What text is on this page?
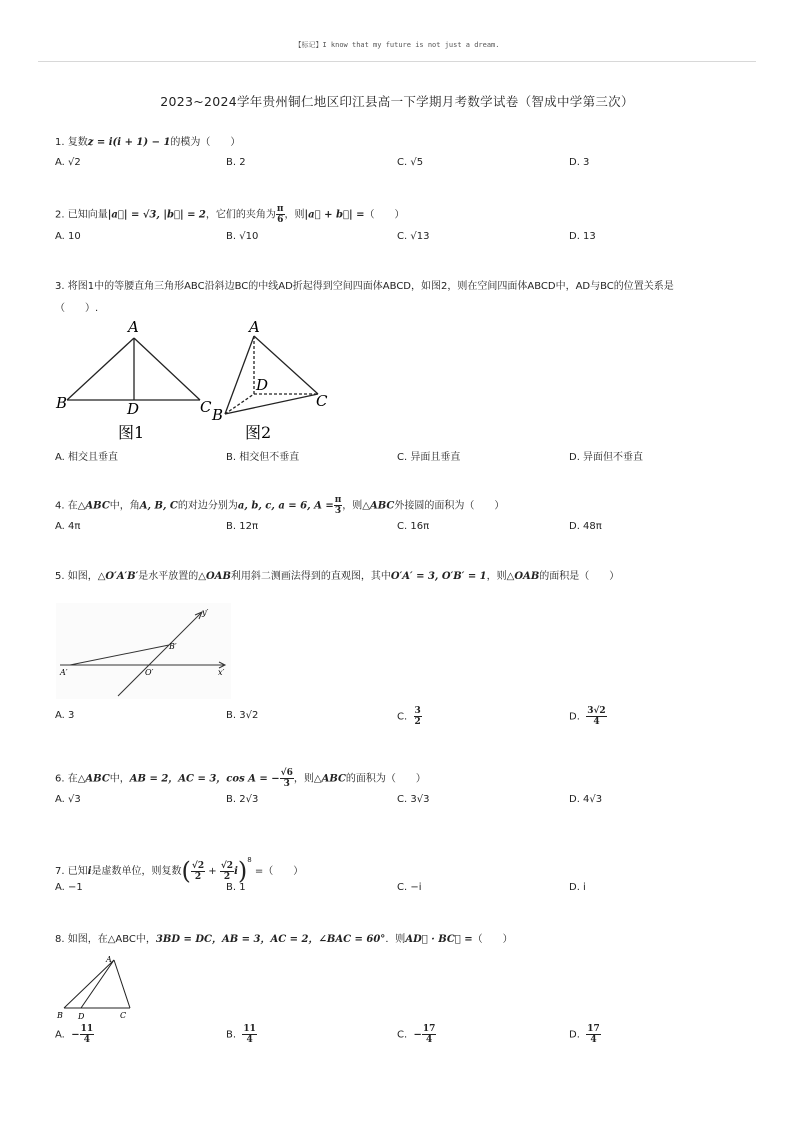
【标记】I know that my future is not just a dream.
2023~2024学年贵州铜仁地区印江县高一下学期月考数学试卷（智成中学第三次）
1. 复数z = i(i + 1) − 1的模为（　　）
A. √2	B. 2	C. √5	D. 3
2. 已知向量|a⃗| = √3, |b⃗| = 2，它们的夹角为 $\frac{\pi}{6}$ ，则|a⃗ + b⃗| =（　　）
A. 10	B. √10	C. √13	D. 13
3. 将图1中的等腰直角三角形ABC沿斜边BC的中线AD折起得到空间四面体ABCD，如图2，则在空间四面体ABCD中，AD与BC的位置关系是
（　　）.
A
B	C
D
图1
A
B
C
D
图2
A. 相交且垂直	B. 相交但不垂直	C. 异面且垂直	D. 异面但不垂直
4. 在△ABC中，角A, B, C的对边分别为a, b, c, a = 6, $A = \frac{\pi}{3}$ ，则△ABC外接圆的面积为（　　）
A. 4π	B. 12π	C. 16π	D. 48π
5. 如图，△O′A′B′是水平放置的△OAB利用斜二测画法得到的直观图，其中O′A′ = 3, O′B′ = 1，则△OAB的面积是（　　）
A′	O′
B′
x′
y′
A. 3	B. 3√2	C. $\frac{3}{2}$	D. $\frac{3√2}{4}$
6. 在△ABC中，AB = 2，AC = 3，cos A = − $\frac{√6}{3}$ ，则△ABC的面积为（　　）
A. √3	B. 2√3	C. 3√3	D. 4√3
7. 已知i是虚数单位，则复数( $\frac{√2}{2} + \frac{√2}{2} i)^8$ =（　　）
A. −1	B. 1	C. −i	D. i
8. 如图，在△ABC中，3BD = DC，AB = 3，AC = 2，∠BAC = 60°．则AD⃗ · BC⃗ =（　　）
A
B D	C
A. − $\frac{11}{4}$	B. $\frac{11}{4}$	C. − $\frac{17}{4}$	D. $\frac{17}{4}$
